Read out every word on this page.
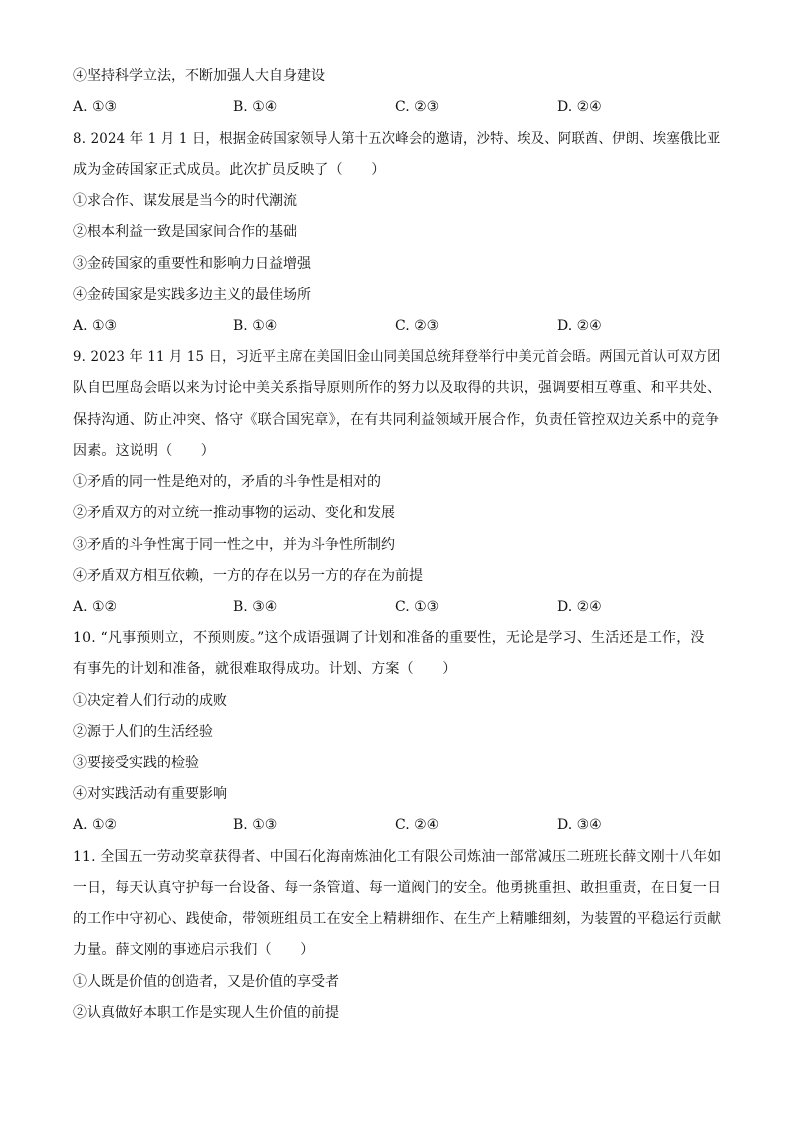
④坚持科学立法，不断加强人大自身建设
A. ①③	B. ①④	C. ②③	D. ②④
8. 2024 年 1 月 1 日，根据金砖国家领导人第十五次峰会的邀请，沙特、埃及、阿联酋、伊朗、埃塞俄比亚
成为金砖国家正式成员。此次扩员反映了（　　）
①求合作、谋发展是当今的时代潮流
②根本利益一致是国家间合作的基础
③金砖国家的重要性和影响力日益增强
④金砖国家是实践多边主义的最佳场所
A. ①③	B. ①④	C. ②③	D. ②④
9. 2023 年 11 月 15 日，习近平主席在美国旧金山同美国总统拜登举行中美元首会晤。两国元首认可双方团
队自巴厘岛会晤以来为讨论中美关系指导原则所作的努力以及取得的共识，强调要相互尊重、和平共处、
保持沟通、防止冲突、恪守《联合国宪章》，在有共同利益领域开展合作，负责任管控双边关系中的竞争
因素。这说明（　　）
①矛盾的同一性是绝对的，矛盾的斗争性是相对的
②矛盾双方的对立统一推动事物的运动、变化和发展
③矛盾的斗争性寓于同一性之中，并为斗争性所制约
④矛盾双方相互依赖，一方的存在以另一方的存在为前提
A. ①②	B. ③④	C. ①③	D. ②④
10. “凡事预则立，不预则废。”这个成语强调了计划和准备的重要性，无论是学习、生活还是工作，没
有事先的计划和准备，就很难取得成功。计划、方案（　　）
①决定着人们行动的成败
②源于人们的生活经验
③要接受实践的检验
④对实践活动有重要影响
A. ①②	B. ①③	C. ②④	D. ③④
11. 全国五一劳动奖章获得者、中国石化海南炼油化工有限公司炼油一部常减压二班班长薛文刚十八年如
一日，每天认真守护每一台设备、每一条管道、每一道阀门的安全。他勇挑重担、敢担重责，在日复一日
的工作中守初心、践使命，带领班组员工在安全上精耕细作、在生产上精雕细刻，为装置的平稳运行贡献
力量。薛文刚的事迹启示我们（　　）
①人既是价值的创造者，又是价值的享受者
②认真做好本职工作是实现人生价值的前提
